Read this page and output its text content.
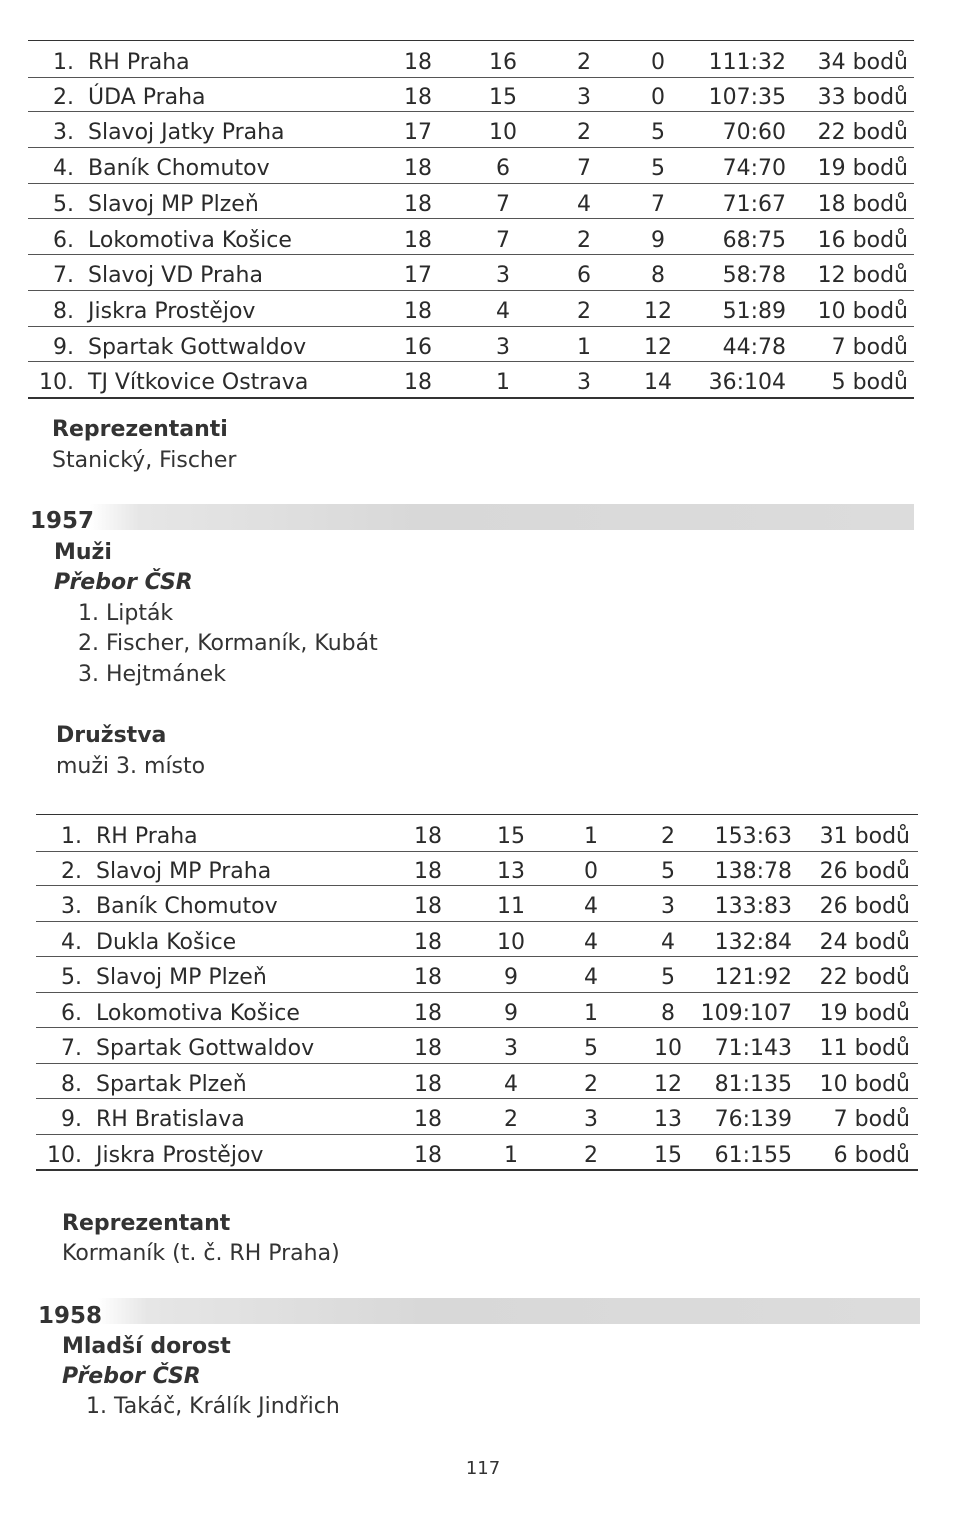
1. RH Praha	18	16	2	0	111:32 34 bodů
2. ÚDA Praha	18	15	3	0	107:35 33 bodů
3. Slavoj Jatky Praha	17	10	2	5	70:60 22 bodů
4. Baník Chomutov	18	6	7	5	74:70 19 bodů
5. Slavoj MP Plzeň	18	7	4	7	71:67 18 bodů
6. Lokomotiva Košice	18	7	2	9	68:75 16 bodů
7. Slavoj VD Praha	17	3	6	8	58:78 12 bodů
8. Jiskra Prostějov	18	4	2	12 51:89 10 bodů
9. Spartak Gottwaldov	16	3	1	12 44:78 7 bodů
10. TJ Vítkovice Ostrava	18	1	3	14 36:104 5 bodů
Reprezentanti
Stanický, Fischer
1957
Muži
Přebor ČSR
1. Lipták
2. Fischer, Kormaník, Kubát
3. Hejtmánek
Družstva
muži 3. místo
1. RH Praha	18	15	1	2	153:63 31 bodů
2. Slavoj MP Praha	18	13	0	5	138:78 26 bodů
3. Baník Chomutov	18	11	4	3	133:83 26 bodů
4. Dukla Košice	18	10	4	4	132:84 24 bodů
5. Slavoj MP Plzeň	18	9	4	5	121:92 22 bodů
6. Lokomotiva Košice	18	9	1	8	109:107 19 bodů
7. Spartak Gottwaldov	18	3	5	10 71:143 11 bodů
8. Spartak Plzeň	18	4	2	12 81:135 10 bodů
9. RH Bratislava	18	2	3	13 76:139 7 bodů
10. Jiskra Prostějov	18	1	2	15 61:155 6 bodů
Reprezentant
Kormaník (t. č. RH Praha)
1958
Mladší dorost
Přebor ČSR
1. Takáč, Králík Jindřich
117
